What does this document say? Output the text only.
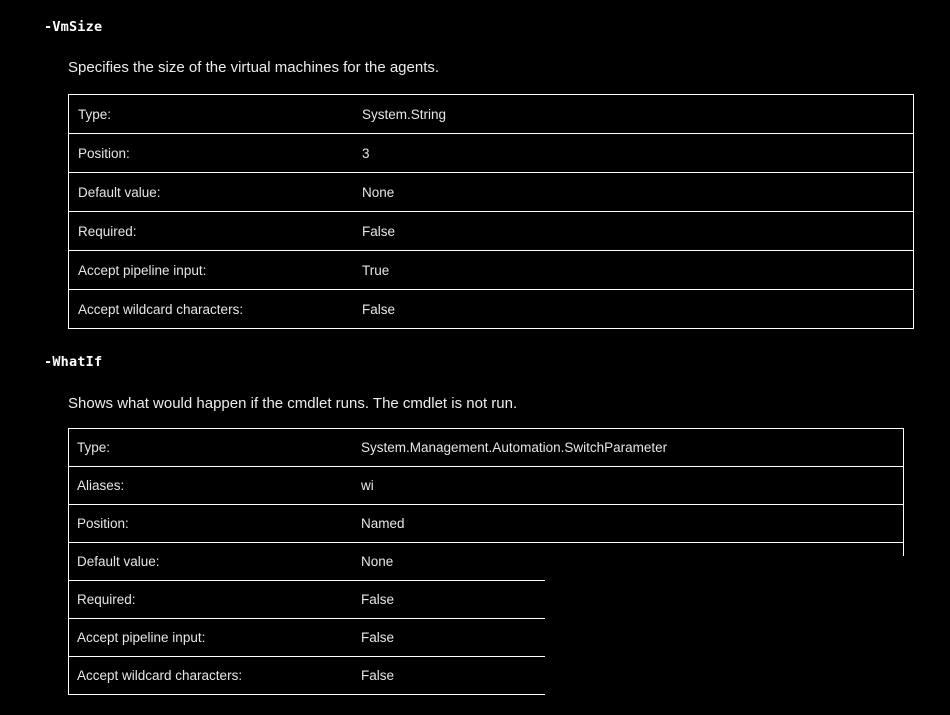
-VmSize
Specifies the size of the virtual machines for the agents.
Type:	System.String
Position:	3
Default value:	None
Required:	False
Accept pipeline input:	True
Accept wildcard characters:	False
-WhatIf
Shows what would happen if the cmdlet runs. The cmdlet is not run.
Type:	System.Management.Automation.SwitchParameter
Aliases:	wi
Position:	Named
Default value:	None
Required:	False
Accept pipeline input:	False
Accept wildcard characters:	False
